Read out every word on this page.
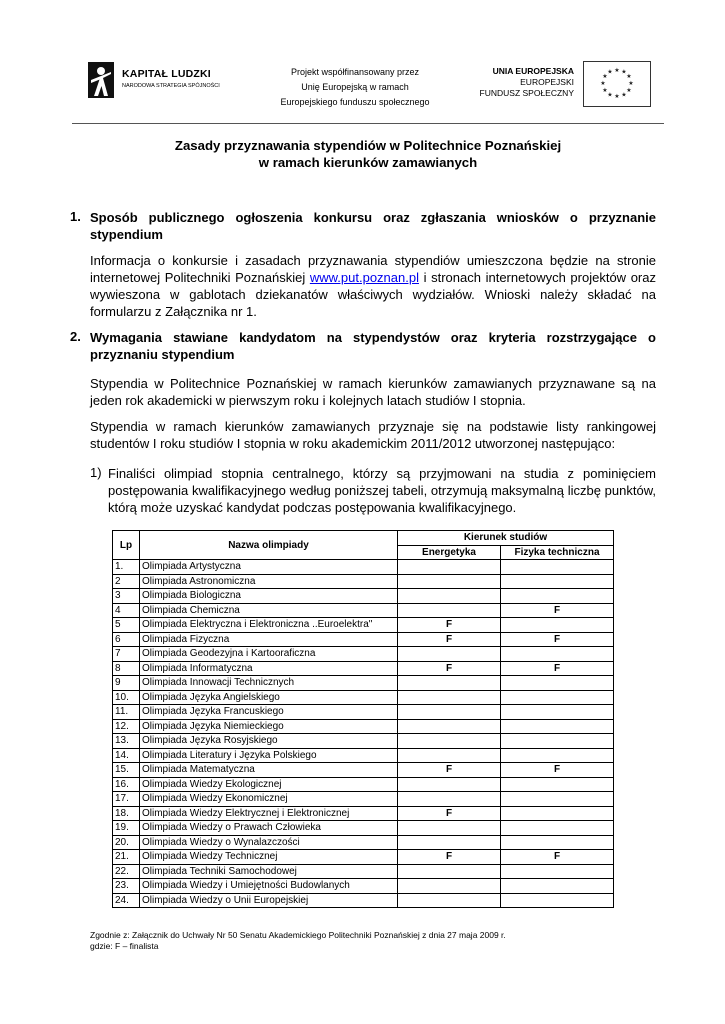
KAPITAŁ LUDZKI
NARODOWA STRATEGIA SPÓJNOŚCI
Projekt współfinansowany przez
Unię Europejską w ramach
Europejskiego funduszu społecznego
UNIA EUROPEJSKA
EUROPEJSKI
FUNDUSZ SPOŁECZNY
★ ★
★
★
★
★
★
★
★
★
★
★
Zasady przyznawania stypendiów w Politechnice Poznańskiej
w ramach kierunków zamawianych
1. Sposób publicznego ogłoszenia konkursu oraz zgłaszania wniosków o przyznanie stypendium
Informacja o konkursie i zasadach przyznawania stypendiów umieszczona będzie na stronie internetowej Politechniki Poznańskiej www.put.poznan.pl i stronach internetowych projektów oraz wywieszona w gablotach dziekanatów właściwych wydziałów. Wnioski należy składać na formularzu z Załącznika nr 1.
2. Wymagania stawiane kandydatom na stypendystów oraz kryteria rozstrzygające o przyznaniu stypendium
Stypendia w Politechnice Poznańskiej w ramach kierunków zamawianych przyznawane są na jeden rok akademicki w pierwszym roku i kolejnych latach studiów I stopnia.
Stypendia w ramach kierunków zamawianych przyznaje się na podstawie listy rankingowej studentów I roku studiów I stopnia w roku akademickim 2011/2012 utworzonej następująco:
1) Finaliści olimpiad stopnia centralnego, którzy są przyjmowani na studia z pominięciem postępowania kwalifikacyjnego według poniższej tabeli, otrzymują maksymalną liczbę punktów, którą może uzyskać kandydat podczas postępowania kwalifikacyjnego.
Lp	Nazwa olimpiady	Kierunek studiów	
		Energetyka	Fizyka techniczna
1.	Olimpiada Artystyczna		
2	Olimpiada Astronomiczna		
3	Olimpiada Biologiczna		
4	Olimpiada Chemiczna		F
5	Olimpiada Elektryczna i Elektroniczna ..Euroelektra"	F	
6	Olimpiada Fizyczna	F	F
7	Olimpiada Geodezyjna i Kartooraficzna		
8	Olimpiada Informatyczna	F	F
9	Olimpiada Innowacji Technicznych		
10.	Olimpiada Języka Angielskiego		
11.	Olimpiada Języka Francuskiego		
12.	Olimpiada Języka Niemieckiego		
13.	Olimpiada Języka Rosyjskiego		
14.	Olimpiada Literatury i Języka Polskiego		
15.	Olimpiada Matematyczna	F	F
16.	Olimpiada Wiedzy Ekologicznej		
17.	Olimpiada Wiedzy Ekonomicznej		
18.	Olimpiada Wiedzy Elektrycznej i Elektronicznej	F	
19.	Olimpiada Wiedzy o Prawach Człowieka		
20.	Olimpiada Wiedzy o Wynalazczości		
21.	Olimpiada Wiedzy Technicznej	F	F
22.	Olimpiada Techniki Samochodowej		
23.	Olimpiada Wiedzy i Umiejętności Budowlanych		
24.	Olimpiada Wiedzy o Unii Europejskiej		
Zgodnie z: Załącznik do Uchwały Nr 50 Senatu Akademickiego Politechniki Poznańskiej z dnia 27 maja 2009 r.
gdzie: F – finalista
